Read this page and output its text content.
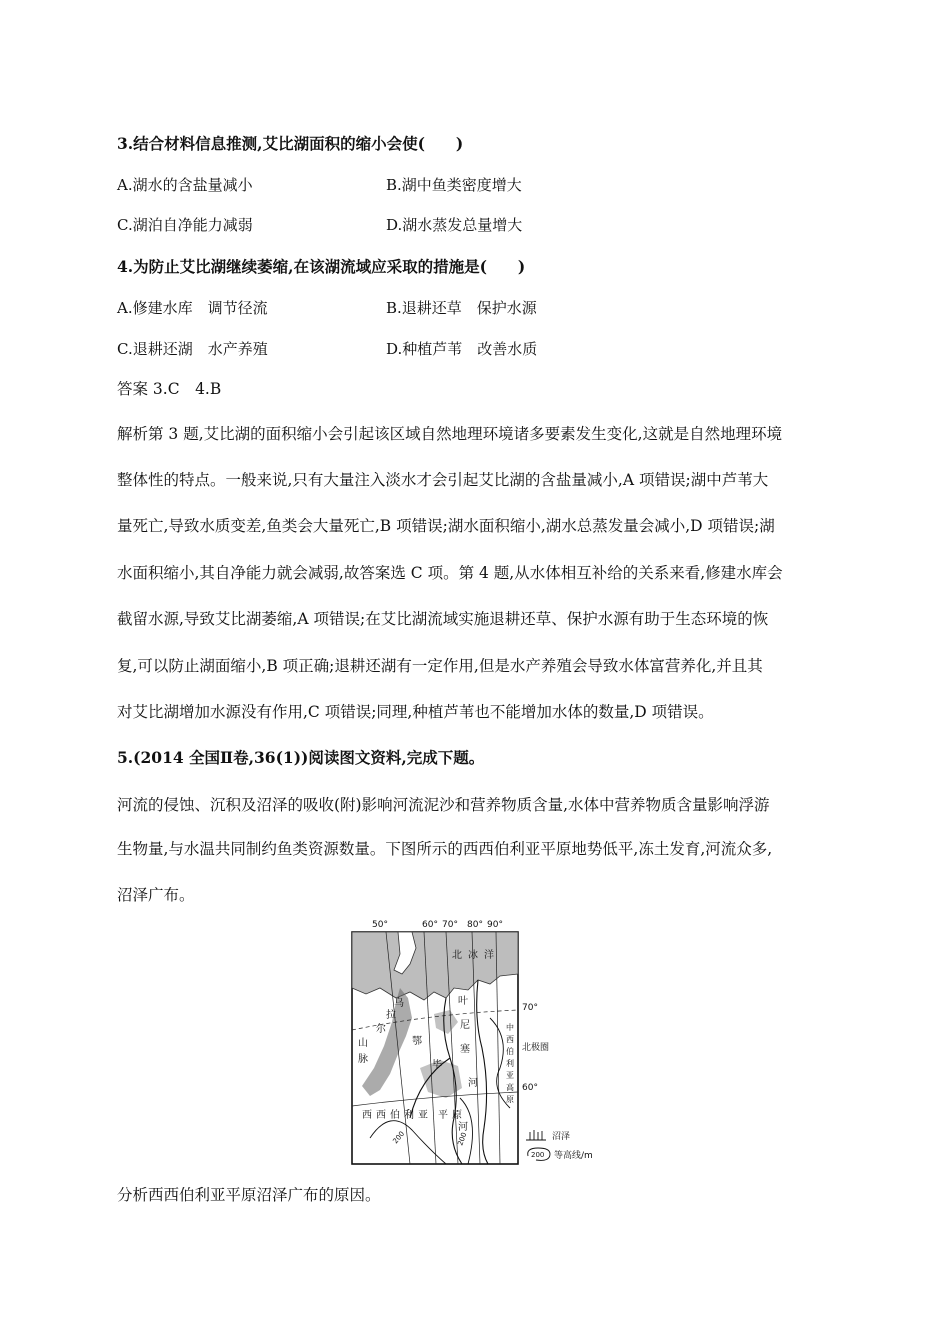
3.结合材料信息推测,艾比湖面积的缩小会使(　　)
A.湖水的含盐量减小	B.湖中鱼类密度增大
C.湖泊自净能力减弱	D.湖水蒸发总量增大
4.为防止艾比湖继续萎缩,在该湖流域应采取的措施是(　　)
A.修建水库　调节径流	B.退耕还草　保护水源
C.退耕还湖　水产养殖	D.种植芦苇　改善水质
答案 3.C　4.B
解析第 3 题,艾比湖的面积缩小会引起该区域自然地理环境诸多要素发生变化,这就是自然地理环境
整体性的特点。一般来说,只有大量注入淡水才会引起艾比湖的含盐量减小,A 项错误;湖中芦苇大
量死亡,导致水质变差,鱼类会大量死亡,B 项错误;湖水面积缩小,湖水总蒸发量会减小,D 项错误;湖
水面积缩小,其自净能力就会减弱,故答案选 C 项。第 4 题,从水体相互补给的关系来看,修建水库会
截留水源,导致艾比湖萎缩,A 项错误;在艾比湖流域实施退耕还草、保护水源有助于生态环境的恢
复,可以防止湖面缩小,B 项正确;退耕还湖有一定作用,但是水产养殖会导致水体富营养化,并且其
对艾比湖增加水源没有作用,C 项错误;同理,种植芦苇也不能增加水体的数量,D 项错误。
5.(2014 全国Ⅱ卷,36(1))阅读图文资料,完成下题。
河流的侵蚀、沉积及沼泽的吸收(附)影响河流泥沙和营养物质含量,水体中营养物质含量影响浮游
生物量,与水温共同制约鱼类资源数量。下图所示的西西伯利亚平原地势低平,冻土发育,河流众多,
沼泽广布。
50°	60° 70° 80° 90°
70°
60°
北极圈
北 冰 洋
乌
拉
尔
山
脉
西 西 伯 利 亚 平 原
鄂
毕
河
叶
尼
塞
河
中
西
伯
利
亚
高
原
200	200	沼泽
200 等高线/m
分析西西伯利亚平原沼泽广布的原因。
